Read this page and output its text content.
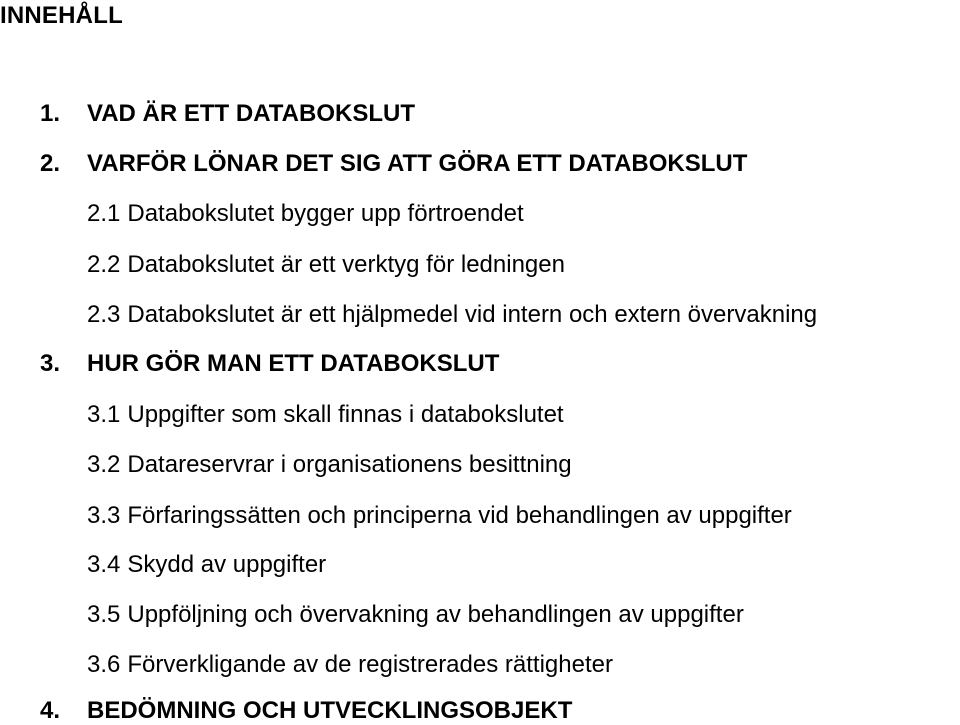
INNEHÅLL
1. VAD ÄR ETT DATABOKSLUT
2. VARFÖR LÖNAR DET SIG ATT GÖRA ETT DATABOKSLUT
2.1 Databokslutet bygger upp förtroendet
2.2 Databokslutet är ett verktyg för ledningen
2.3 Databokslutet är ett hjälpmedel vid intern och extern övervakning
3. HUR GÖR MAN ETT DATABOKSLUT
3.1 Uppgifter som skall finnas i databokslutet
3.2 Datareservrar i organisationens besittning
3.3 Förfaringssätten och principerna vid behandlingen av uppgifter
3.4 Skydd av uppgifter
3.5 Uppföljning och övervakning av behandlingen av uppgifter
3.6 Förverkligande av de registrerades rättigheter
4. BEDÖMNING OCH UTVECKLINGSOBJEKT
